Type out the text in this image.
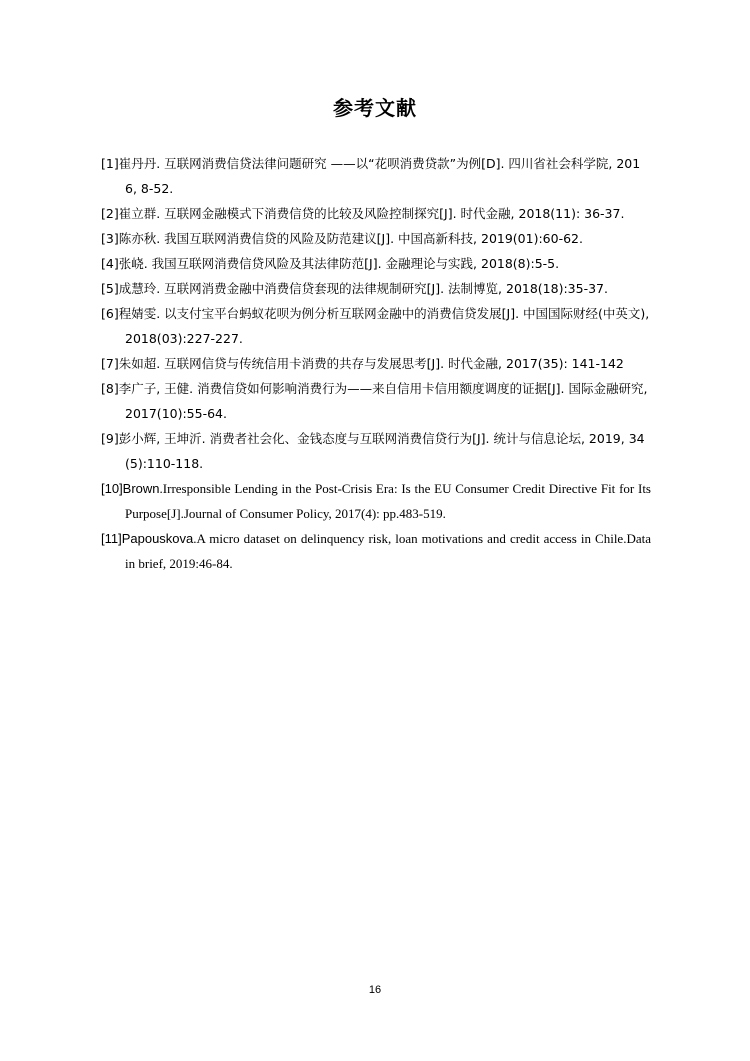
参考文献
[1]崔丹丹. 互联网消费信贷法律问题研究 ——以“花呗消费贷款”为例[D]. 四川省社会科学院, 2016, 8-52.
[2]崔立群. 互联网金融模式下消费信贷的比较及风险控制探究[J]. 时代金融, 2018(11): 36-37.
[3]陈亦秋. 我国互联网消费信贷的风险及防范建议[J]. 中国高新科技, 2019(01):60-62.
[4]张峣. 我国互联网消费信贷风险及其法律防范[J]. 金融理论与实践, 2018(8):5-5.
[5]成慧玲. 互联网消费金融中消费信贷套现的法律规制研究[J]. 法制博览, 2018(18):35-37.
[6]程婧雯. 以支付宝平台蚂蚁花呗为例分析互联网金融中的消费信贷发展[J]. 中国国际财经(中英文), 2018(03):227-227.
[7]朱如超. 互联网信贷与传统信用卡消费的共存与发展思考[J]. 时代金融, 2017(35): 141-142
[8]李广子, 王健. 消费信贷如何影响消费行为——来自信用卡信用额度调度的证据[J]. 国际金融研究, 2017(10):55-64.
[9]彭小辉, 王坤沂. 消费者社会化、金钱态度与互联网消费信贷行为[J]. 统计与信息论坛, 2019, 34(5):110-118.
[10]Brown.Irresponsible Lending in the Post-Crisis Era: Is the EU Consumer Credit Directive Fit for Its Purpose[J].Journal of Consumer Policy, 2017(4): pp.483-519.
[11]Papouskova.A micro dataset on delinquency risk, loan motivations and credit access in Chile.Data in brief, 2019:46-84.
16
